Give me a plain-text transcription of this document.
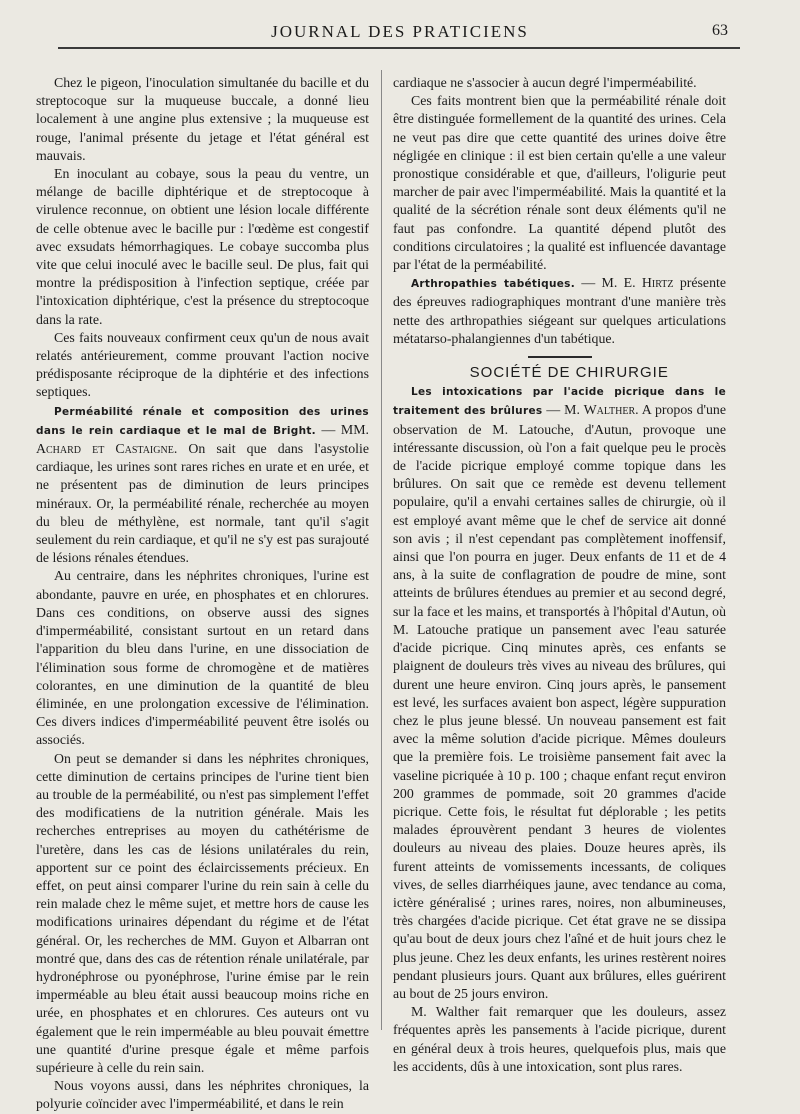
JOURNAL DES PRATICIENS	63

Chez le pigeon, l'inoculation simultanée du bacille et du streptocoque sur la muqueuse buccale, a donné lieu localement à une angine plus extensive ; la muqueuse est rouge, l'animal présente du jetage et l'état général est mauvais.

En inoculant au cobaye, sous la peau du ventre, un mélange de bacille diphtérique et de streptocoque à virulence reconnue, on obtient une lésion locale différente de celle obtenue avec le bacille pur : l'œdème est congestif avec exsudats hémorrhagiques. Le cobaye succomba plus vite que celui inoculé avec le bacille seul. De plus, fait qui montre la prédisposition à l'infection septique, créée par l'intoxication diphtérique, c'est la présence du streptocoque dans la rate.

Ces faits nouveaux confirment ceux qu'un de nous avait relatés antérieurement, comme prouvant l'action nocive prédisposante réciproque de la diphtérie et des infections septiques.

Perméabilité rénale et composition des urines dans le rein cardiaque et le mal de Bright. — MM. Achard et Castaigne. On sait que dans l'asystolie cardiaque, les urines sont rares riches en urate et en urée, et ne présentent pas de diminution de leurs principes minéraux. Or, la perméabilité rénale, recherchée au moyen du bleu de méthylène, est normale, tant qu'il s'agit seulement du rein cardiaque, et qu'il ne s'y est pas surajouté de lésions rénales étendues.

Au centraire, dans les néphrites chroniques, l'urine est abondante, pauvre en urée, en phosphates et en chlorures. Dans ces conditions, on observe aussi des signes d'imperméabilité, consistant surtout en un retard dans l'apparition du bleu dans l'urine, en une dissociation de l'élimination sous forme de chromogène et de matières colorantes, en une diminution de la quantité de bleu éliminée, en une prolongation excessive de l'élimination. Ces divers indices d'imperméabilité peuvent être isolés ou associés.

On peut se demander si dans les néphrites chroniques, cette diminution de certains principes de l'urine tient bien au trouble de la perméabilité, ou n'est pas simplement l'effet des modificatiens de la nutrition générale. Mais les recherches entreprises au moyen du cathétérisme de l'uretère, dans les cas de lésions unilatérales du rein, apportent sur ce point des éclaircissements précieux. En effet, on peut ainsi comparer l'urine du rein sain à celle du rein malade chez le même sujet, et mettre hors de cause les modifications urinaires dépendant du régime et de l'état général. Or, les recherches de MM. Guyon et Albarran ont montré que, dans des cas de rétention rénale unilatérale, par hydronéphrose ou pyonéphrose, l'urine émise par le rein imperméable au bleu était aussi beaucoup moins riche en urée, en phosphates et en chlorures. Ces auteurs ont vu également que le rein imperméable au bleu pouvait émettre une quantité d'urine presque égale et même parfois supérieure à celle du rein sain.

Nous voyons aussi, dans les néphrites chroniques, la polyurie coïncider avec l'imperméabilité, et dans le rein

cardiaque ne s'associer à aucun degré l'imperméabilité.

Ces faits montrent bien que la perméabilité rénale doit être distinguée formellement de la quantité des urines. Cela ne veut pas dire que cette quantité des urines doive être négligée en clinique : il est bien certain qu'elle a une valeur pronostique considérable et que, d'ailleurs, l'oligurie peut marcher de pair avec l'imperméabilité. Mais la quantité et la qualité de la sécrétion rénale sont deux éléments qu'il ne faut pas confondre. La quantité dépend plutôt des conditions circulatoires ; la qualité est influencée davantage par l'état de la perméabilité.

Arthropathies tabétiques. — M. E. Hirtz présente des épreuves radiographiques montrant d'une manière très nette des arthropathies siégeant sur quelques articulations métatarso-phalangiennes d'un tabétique.

SOCIÉTÉ DE CHIRURGIE

Les intoxications par l'acide picrique dans le traitement des brûlures — M. Walther. A propos d'une observation de M. Latouche, d'Autun, provoque une intéressante discussion, où l'on a fait quelque peu le procès de l'acide picrique employé comme topique dans les brûlures. On sait que ce remède est devenu tellement populaire, qu'il a envahi certaines salles de chirurgie, où il est employé avant même que le chef de service ait donné son avis ; il n'est cependant pas complètement inoffensif, ainsi que l'on pourra en juger. Deux enfants de 11 et de 4 ans, à la suite de conflagration de poudre de mine, sont atteints de brûlures étendues au premier et au second degré, sur la face et les mains, et transportés à l'hôpital d'Autun, où M. Latouche pratique un pansement avec l'eau saturée d'acide picrique. Cinq minutes après, ces enfants se plaignent de douleurs très vives au niveau des brûlures, qui durent une heure environ. Cinq jours après, le pansement est levé, les surfaces avaient bon aspect, légère suppuration chez le plus jeune blessé. Un nouveau pansement est fait avec la même solution d'acide picrique. Mêmes douleurs que la première fois. Le troisième pansement fait avec la vaseline picriquée à 10 p. 100 ; chaque enfant reçut environ 200 grammes de pommade, soit 20 grammes d'acide picrique. Cette fois, le résultat fut déplorable ; les petits malades éprouvèrent pendant 3 heures de violentes douleurs au niveau des plaies. Douze heures après, ils furent atteints de vomissements incessants, de coliques vives, de selles diarrhéiques jaune, avec tendance au coma, ictère généralisé ; urines rares, noires, non albumineuses, très chargées d'acide picrique. Cet état grave ne se dissipa qu'au bout de deux jours chez l'aîné et de huit jours chez le plus jeune. Chez les deux enfants, les urines restèrent noires pendant plusieurs jours. Quant aux brûlures, elles guérirent au bout de 25 jours environ.

M. Walther fait remarquer que les douleurs, assez fréquentes après les pansements à l'acide picrique, durent en général deux à trois heures, quelquefois plus, mais que les accidents, dûs à une intoxication, sont plus rares.
